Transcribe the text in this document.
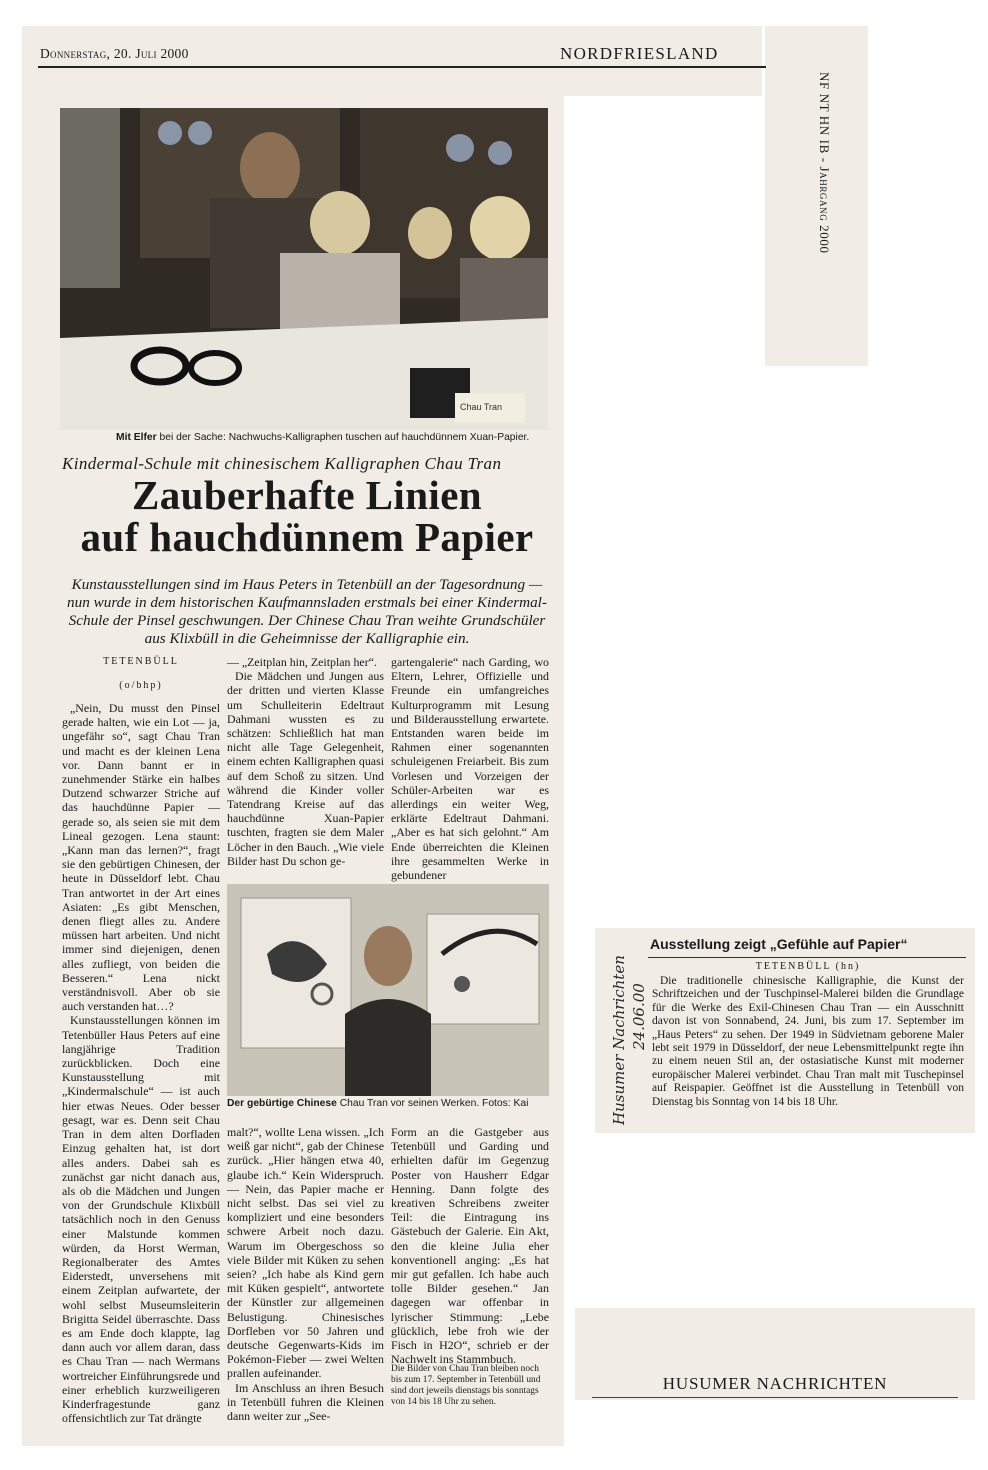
Donnerstag, 20. Juli 2000	NORDFRIESLAND
NF NT HN IB - Jahrgang 2000
Chau Tran
Mit Elfer bei der Sache: Nachwuchs-Kalligraphen tuschen auf hauchdünnem Xuan-Papier.
Kindermal-Schule mit chinesischem Kalligraphen Chau Tran
Zauberhafte Linien
auf hauchdünnem Papier
Kunstausstellungen sind im Haus Peters in Tetenbüll an der Tagesordnung — nun wurde in dem historischen Kaufmannsladen erstmals bei einer Kindermal-Schule der Pinsel geschwungen. Der Chinese Chau Tran weihte Grundschüler aus Klixbüll in die Geheimnisse der Kalligraphie ein.
TETENBÜLL
(o/bhp)

„Nein, Du musst den Pinsel gerade halten, wie ein Lot — ja, ungefähr so“, sagt Chau Tran und macht es der kleinen Lena vor. Dann bannt er in zunehmender Stärke ein halbes Dutzend schwarzer Striche auf das hauchdünne Papier — gerade so, als seien sie mit dem Lineal gezogen. Lena staunt: „Kann man das lernen?“, fragt sie den gebürtigen Chinesen, der heute in Düsseldorf lebt. Chau Tran antwortet in der Art eines Asiaten: „Es gibt Menschen, denen fliegt alles zu. Andere müssen hart arbeiten. Und nicht immer sind diejenigen, denen alles zufliegt, von beiden die Besseren.“ Lena nickt verständnisvoll. Aber ob sie auch verstanden hat…?

Kunstausstellungen können im Tetenbüller Haus Peters auf eine langjährige Tradition zurückblicken. Doch eine Kunstausstellung mit „Kindermalschule“ — ist auch hier etwas Neues. Oder besser gesagt, war es. Denn seit Chau Tran in dem alten Dorfladen Einzug gehalten hat, ist dort alles anders. Dabei sah es zunächst gar nicht danach aus, als ob die Mädchen und Jungen von der Grundschule Klixbüll tatsächlich noch in den Genuss einer Malstunde kommen würden, da Horst Werman, Regionalberater des Amtes Eiderstedt, unversehens mit einem Zeitplan aufwartete, der wohl selbst Museumsleiterin Brigitta Seidel überraschte. Dass es am Ende doch klappte, lag dann auch vor allem daran, dass es Chau Tran — nach Wermans wortreicher Einführungsrede und einer erheblich kurzweiligeren Kinderfragestunde ganz offensichtlich zur Tat drängte

— „Zeitplan hin, Zeitplan her“.

Die Mädchen und Jungen aus der dritten und vierten Klasse um Schulleiterin Edeltraut Dahmani wussten es zu schätzen: Schließlich hat man nicht alle Tage Gelegenheit, einem echten Kalligraphen quasi auf dem Schoß zu sitzen. Und während die Kinder voller Tatendrang Kreise auf das hauchdünne Xuan-Papier tuschten, fragten sie dem Maler Löcher in den Bauch. „Wie viele Bilder hast Du schon ge-

gartengalerie“ nach Garding, wo Eltern, Lehrer, Offizielle und Freunde ein umfangreiches Kulturprogramm mit Lesung und Bilderausstellung erwartete. Entstanden waren beide im Rahmen einer sogenannten schuleigenen Freiarbeit. Bis zum Vorlesen und Vorzeigen der Schüler-Arbeiten war es allerdings ein weiter Weg, erklärte Edeltraut Dahmani. „Aber es hat sich gelohnt.“ Am Ende überreichten die Kleinen ihre gesammelten Werke in gebundener

Der gebürtige Chinese Chau Tran vor seinen Werken. Fotos: Kai

malt?“, wollte Lena wissen. „Ich weiß gar nicht“, gab der Chinese zurück. „Hier hängen etwa 40, glaube ich.“ Kein Widerspruch. — Nein, das Papier mache er nicht selbst. Das sei viel zu kompliziert und eine besonders schwere Arbeit noch dazu. Warum im Obergeschoss so viele Bilder mit Küken zu sehen seien? „Ich habe als Kind gern mit Küken gespielt“, antwortete der Künstler zur allgemeinen Belustigung. Chinesisches Dorfleben vor 50 Jahren und deutsche Gegenwarts-Kids im Pokémon-Fieber — zwei Welten prallen aufeinander.

Im Anschluss an ihren Besuch in Tetenbüll fuhren die Kleinen dann weiter zur „See-

Form an die Gastgeber aus Tetenbüll und Garding und erhielten dafür im Gegenzug Poster von Hausherr Edgar Henning. Dann folgte des kreativen Schreibens zweiter Teil: die Eintragung ins Gästebuch der Galerie. Ein Akt, den die kleine Julia eher konventionell anging: „Es hat mir gut gefallen. Ich habe auch tolle Bilder gesehen.“ Jan dagegen war offenbar in lyrischer Stimmung: „Lebe glücklich, lebe froh wie der Fisch in H2O“, schrieb er der Nachwelt ins Stammbuch.

Die Bilder von Chau Tran bleiben noch bis zum 17. September in Tetenbüll und sind dort jeweils dienstags bis sonntags von 14 bis 18 Uhr zu sehen.
Husumer Nachrichten 24.06.00
Ausstellung zeigt „Gefühle auf Papier“
TETENBÜLL (hn)

Die traditionelle chinesische Kalligraphie, die Kunst der Schriftzeichen und der Tuschpinsel-Malerei bilden die Grundlage für die Werke des Exil-Chinesen Chau Tran — ein Ausschnitt davon ist von Sonnabend, 24. Juni, bis zum 17. September im „Haus Peters“ zu sehen. Der 1949 in Südvietnam geborene Maler lebt seit 1979 in Düsseldorf, der neue Lebensmittelpunkt regte ihn zu einem neuen Stil an, der ostasiatische Kunst mit moderner europäischer Malerei verbindet. Chau Tran malt mit Tuschepinsel auf Reispapier. Geöffnet ist die Ausstellung in Tetenbüll von Dienstag bis Sonntag von 14 bis 18 Uhr.

HUSUMER NACHRICHTEN
